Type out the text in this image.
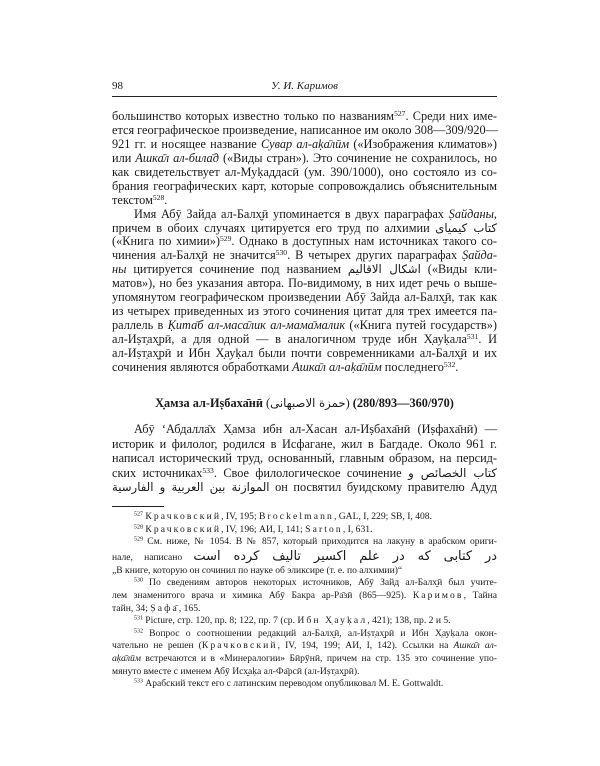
98	У. И. Каримов
большинство которых известно только по названиям$^{527}$. Среди них име-
ется географическое произведение, написанное им около 308—309/920—
921 гг. и носящее название Сувар ал-аḳа̄лӣм («Изображения климатов»)
или Ашка̄л ал-била̄д («Виды стран»). Это сочинение не сохранилось, но
как свидетельствует ал-Муḳаддасӣ (ум. 390/1000), оно состояло из со-
брания географических карт, которые сопровождались объяснительным
текстом$^{528}$.
Имя Абӯ Зайда ал-Балх̮ӣ упоминается в двух параграфах Ṣайданы,
причем в обоих случаях цитируется его труд по алхимии كتاب كيمياى
(«Книга по химии»)$^{529}$. Однако в доступных нам источниках такого со-
чинения ал-Балх̮ӣ не значится$^{530}$. В четырех других параграфах Ṣайда-
ны цитируется сочинение под названием اشكال الاقاليم («Виды кли-
матов»), но без указания автора. По-видимому, в них идет речь о выше-
упомянутом географическом произведении Абӯ Зайда ал-Балх̮ӣ, так как
из четырех приведенных из этого сочинения цитат для трех имеется па-
раллель в Ḳита̄б ал-маса̄лик ал-мама̄малик («Книга путей государств»)
ал-Иṣт̣ах̮рӣ, а для одной — в аналогичном труде ибн Х̣ауḳала$^{531}$. И
ал-Иṣт̣ах̮рӣ и Ибн Х̣ауḳал были почти современниками ал-Балх̮ӣ и их
сочинения являются обработками Ашка̄л ал-аḳа̄лӣм последнего$^{532}$.
Х̣амза ал-Иṣбаха̄нӣ (حمزة الاصبهانى) (280/893—360/970)
Абӯ ‘Абдалла̄х Х̣амза ибн ал-Хасан ал-Иṣбаха̄нӣ (Иṣфаха̄нӣ) —
историк и филолог, родился в Исфагане, жил в Багдаде. Около 961 г.
написал исторический труд, основанный, главным образом, на персид-
ских источниках$^{533}$. Свое филологическое сочинение كتاب الخصائص و
الموازنة بين العربية و الفارسية он посвятил буидскому правителю Адуд
$^{527}$ Крачковский, IV, 195; Brockelmann, GAL, I, 229; SB, I, 408.
$^{528}$ Крачковский, IV, 196; АИ, I, 141; Sarton, I, 631.
$^{529}$ См. ниже, № 1054. В № 857, который приходится на лакуну в арабском ориги-
нале, написано در کتابی که در علم اکسیر تالیف کرده است
„В книге, которую он сочинил по науке об эликсире (т. е. по алхимии)“
$^{530}$ По сведениям авторов некоторых источников, Абӯ Зайд ал-Балх̮ӣ был учите-
лем знаменитого врача и химика Абӯ Бакра ар-Ра̄зӣ (865—925). Каримов, Тайна
тайн, 34; Ṣафа̄, 165.
$^{531}$ Picture, стр. 120, пр. 8; 122, пр. 7 (ср. Ибн Х̣ауḳал, 421); 138, пр. 2 и 5.
$^{532}$ Вопрос о соотношении редакций ал-Балх̮ӣ, ал-Иṣт̣ах̮рӣ и Ибн Х̣ауḳала окон-
чательно не решен (Крачковский, IV, 194, 199; АИ, I, 142). Ссылки на Ашка̄л ал-
аḳа̄лӣм встречаются и в «Минералогии» Бӣрӯнӣ, причем на стр. 135 это сочинение упо-
мянуто вместе с именем Абӯ Исх̮аḳа ал-Фа̄рсӣ (ал-Иṣт̣ах̮рӣ).
$^{533}$ Арабский текст его с латинским переводом опубликовал M. E. Gottwaldt.
